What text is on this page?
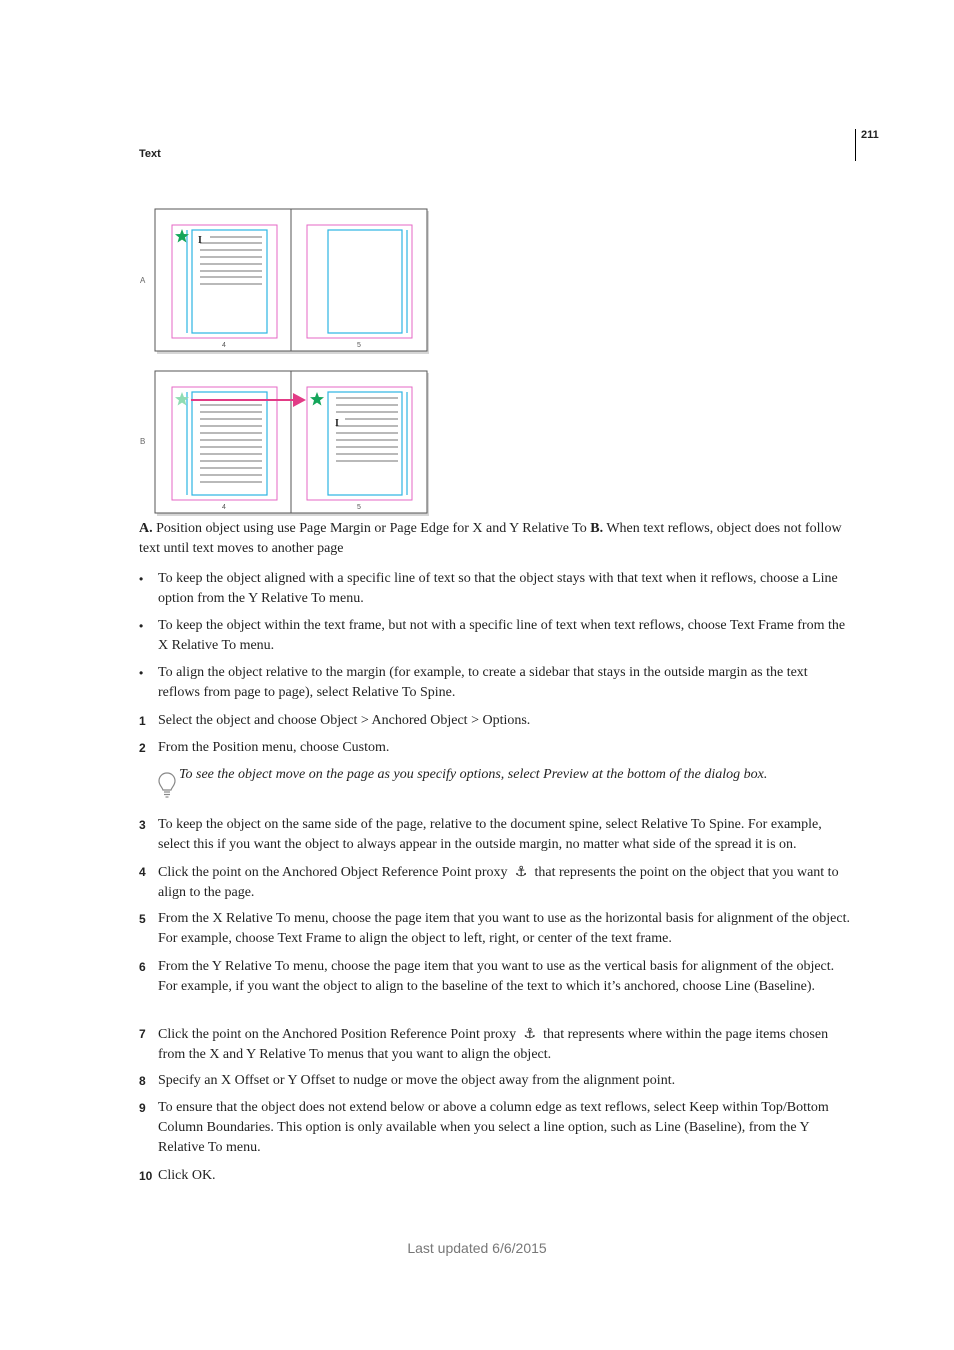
211
Text
A
B
I
4	5
I
4	5
A. Position object using use Page Margin or Page Edge for X and Y Relative To B. When text reflows, object does not follow text until text moves to another page
•	To keep the object aligned with a specific line of text so that the object stays with that text when it reflows, choose a Line option from the Y Relative To menu.
•	To keep the object within the text frame, but not with a specific line of text when text reflows, choose Text Frame from the X Relative To menu.
•	To align the object relative to the margin (for example, to create a sidebar that stays in the outside margin as the text reflows from page to page), select Relative To Spine.
1 Select the object and choose Object > Anchored Object > Options.
2 From the Position menu, choose Custom.
To see the object move on the page as you specify options, select Preview at the bottom of the dialog box.
3 To keep the object on the same side of the page, relative to the document spine, select Relative To Spine. For example, select this if you want the object to always appear in the outside margin, no matter what side of the spread it is on.
4 Click the point on the Anchored Object Reference Point proxy ⚓ that represents the point on the object that you want to align to the page.
5 From the X Relative To menu, choose the page item that you want to use as the horizontal basis for alignment of the object. For example, choose Text Frame to align the object to left, right, or center of the text frame.
6 From the Y Relative To menu, choose the page item that you want to use as the vertical basis for alignment of the object. For example, if you want the object to align to the baseline of the text to which it’s anchored, choose Line (Baseline).
7 Click the point on the Anchored Position Reference Point proxy ⚓ that represents where within the page items chosen from the X and Y Relative To menus that you want to align the object.
8 Specify an X Offset or Y Offset to nudge or move the object away from the alignment point.
9 To ensure that the object does not extend below or above a column edge as text reflows, select Keep within Top/Bottom Column Boundaries. This option is only available when you select a line option, such as Line (Baseline), from the Y Relative To menu.
10 Click OK.
Last updated 6/6/2015
